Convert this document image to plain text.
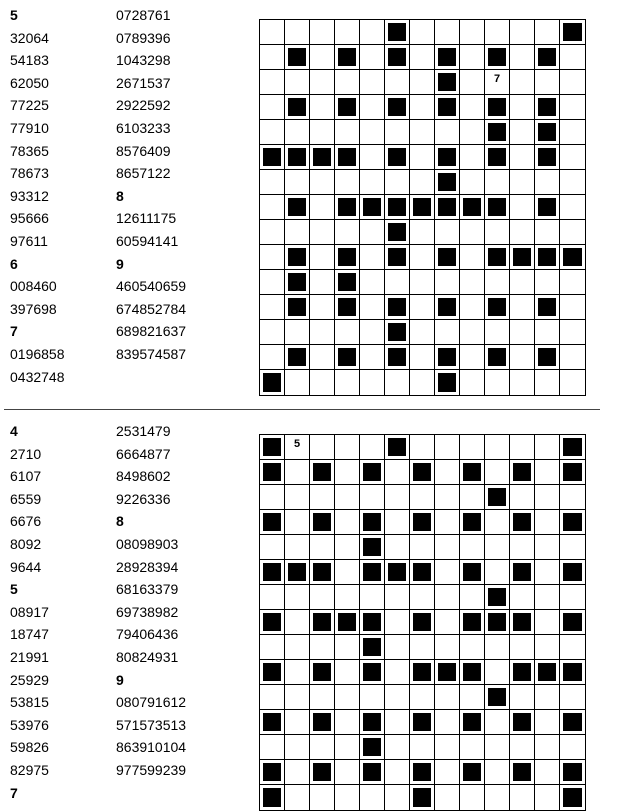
5
32064
54183
62050
77225
77910
78365
78673
93312
95666
97611
6
008460
397698
7
0196858
0432748
0728761
0789396
1043298
2671537
2922592
6103233
8576409
8657122
8
12611175
60594141
9
460540659
674852784
689821637
839574587
7
4
2710
6107
6559
6676
8092
9644
5
08917
18747
21991
25929
53815
53976
59826
82975
7
2531479
6664877
8498602
9226336
8
08098903
28928394
68163379
69738982
79406436
80824931
9
080791612
571573513
863910104
977599239
5
